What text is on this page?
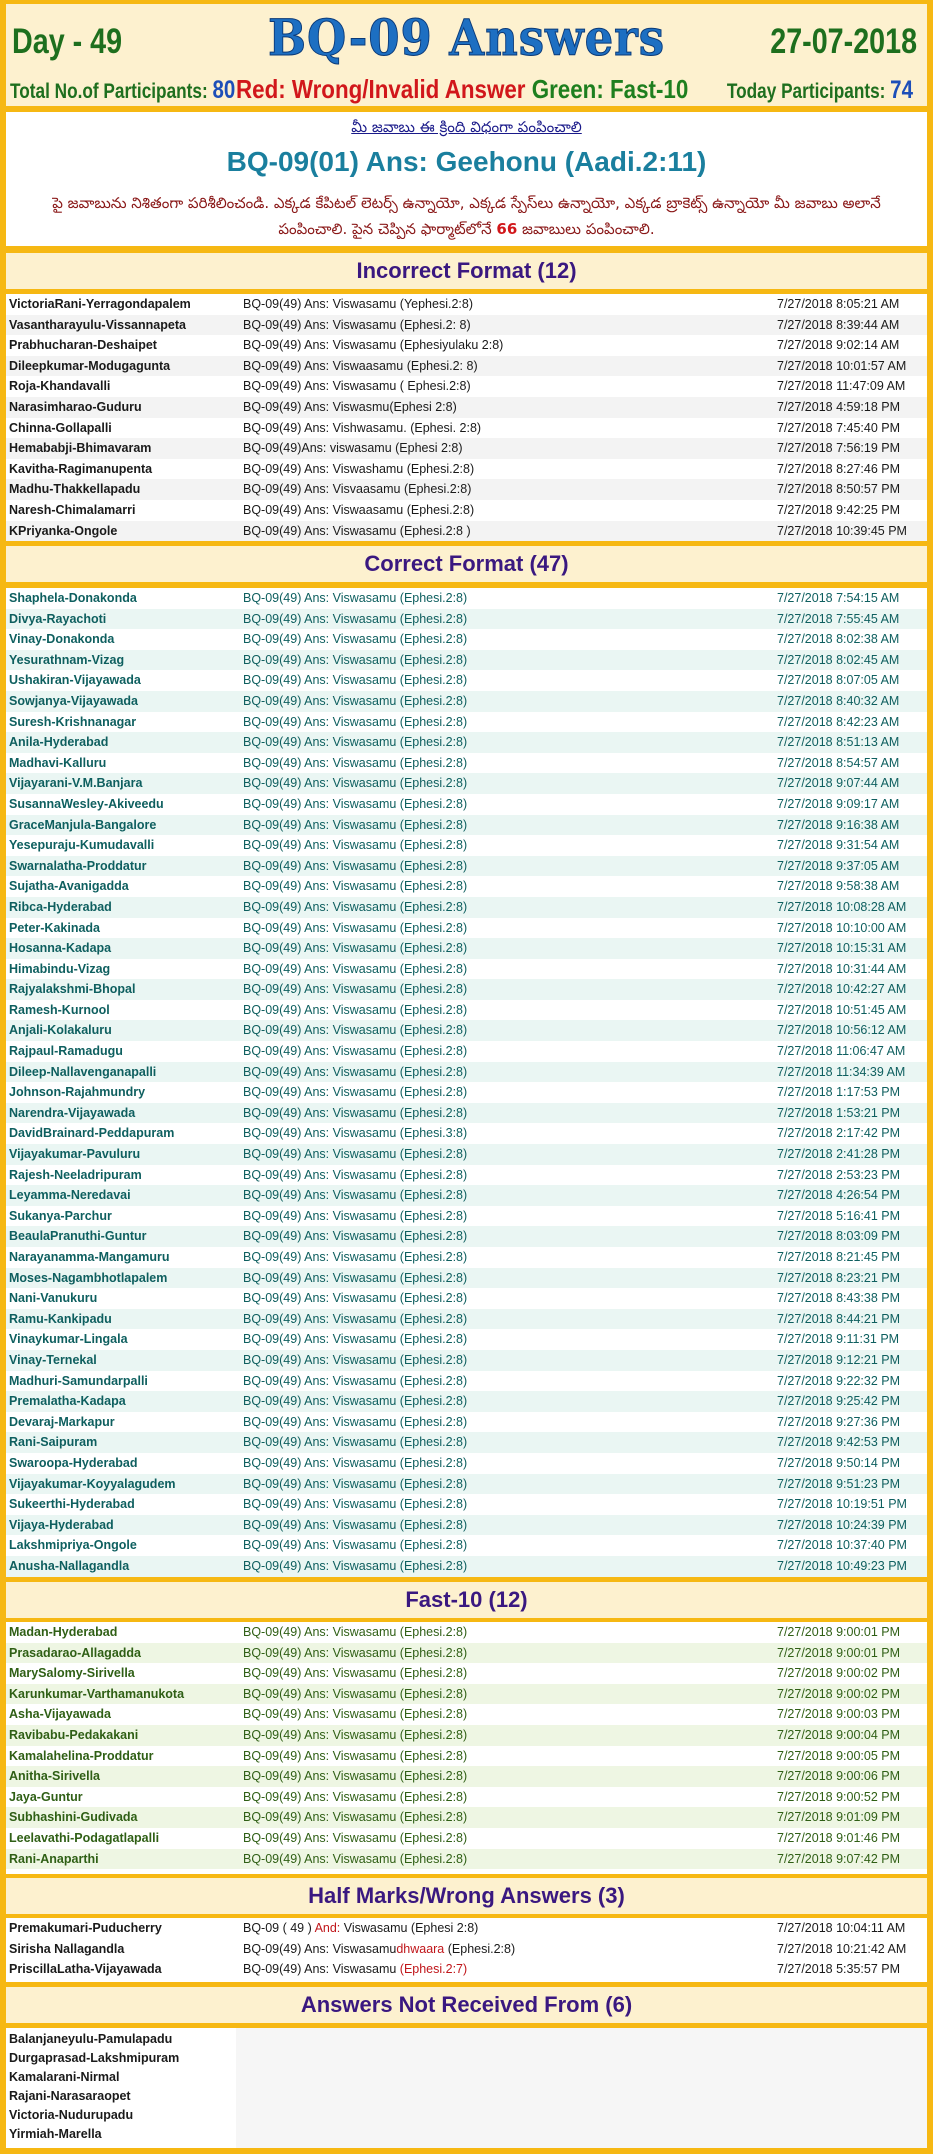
Day - 49	BQ-09 Answers	27-07-2018
Total No.of Participants: 80 Red: Wrong/Invalid Answer Green: Fast-10 Today Participants: 74
మీ జవాబు ఈ క్రింది విధంగా పంపించాలి
BQ-09(01) Ans: Geehonu (Aadi.2:11)
పై జవాబును నిశితంగా పరిశీలించండి. ఎక్కడ కేపిటల్ లెటర్స్ ఉన్నాయో, ఎక్కడ స్పేస్‌లు ఉన్నాయో, ఎక్కడ బ్రాకెట్స్ ఉన్నాయో మీ జవాబు అలానే పంపించాలి. పైన చెప్పిన ఫార్మాట్‌లోనే 66 జవాబులు పంపించాలి.
Incorrect Format (12)
VictoriaRani-Yerragondapalem	BQ-09(49) Ans: Viswasamu (Yephesi.2:8)	7/27/2018 8:05:21 AM
Vasantharayulu-Vissannapeta	BQ-09(49) Ans: Viswasamu (Ephesi.2: 8)	7/27/2018 8:39:44 AM
Prabhucharan-Deshaipet	BQ-09(49) Ans: Viswasamu (Ephesiyulaku 2:8)	7/27/2018 9:02:14 AM
Dileepkumar-Modugagunta	BQ-09(49) Ans: Viswaasamu (Ephesi.2: 8)	7/27/2018 10:01:57 AM
Roja-Khandavalli	BQ-09(49) Ans: Viswasamu ( Ephesi.2:8)	7/27/2018 11:47:09 AM
Narasimharao-Guduru	BQ-09(49) Ans: Viswasmu(Ephesi 2:8)	7/27/2018 4:59:18 PM
Chinna-Gollapalli	BQ-09(49) Ans: Vishwasamu. (Ephesi. 2:8)	7/27/2018 7:45:40 PM
Hemababji-Bhimavaram	BQ-09(49)Ans: viswasamu (Ephesi 2:8)	7/27/2018 7:56:19 PM
Kavitha-Ragimanupenta	BQ-09(49) Ans: Viswashamu (Ephesi.2:8)	7/27/2018 8:27:46 PM
Madhu-Thakkellapadu	BQ-09(49) Ans: Visvaasamu (Ephesi.2:8)	7/27/2018 8:50:57 PM
Naresh-Chimalamarri	BQ-09(49) Ans: Viswaasamu (Ephesi.2:8)	7/27/2018 9:42:25 PM
KPriyanka-Ongole	BQ-09(49) Ans: Viswasamu (Ephesi.2:8 )	7/27/2018 10:39:45 PM
Correct Format (47)
Shaphela-Donakonda	BQ-09(49) Ans: Viswasamu (Ephesi.2:8)	7/27/2018 7:54:15 AM
Divya-Rayachoti	BQ-09(49) Ans: Viswasamu (Ephesi.2:8)	7/27/2018 7:55:45 AM
Vinay-Donakonda	BQ-09(49) Ans: Viswasamu (Ephesi.2:8)	7/27/2018 8:02:38 AM
Yesurathnam-Vizag	BQ-09(49) Ans: Viswasamu (Ephesi.2:8)	7/27/2018 8:02:45 AM
Ushakiran-Vijayawada	BQ-09(49) Ans: Viswasamu (Ephesi.2:8)	7/27/2018 8:07:05 AM
Sowjanya-Vijayawada	BQ-09(49) Ans: Viswasamu (Ephesi.2:8)	7/27/2018 8:40:32 AM
Suresh-Krishnanagar	BQ-09(49) Ans: Viswasamu (Ephesi.2:8)	7/27/2018 8:42:23 AM
Anila-Hyderabad	BQ-09(49) Ans: Viswasamu (Ephesi.2:8)	7/27/2018 8:51:13 AM
Madhavi-Kalluru	BQ-09(49) Ans: Viswasamu (Ephesi.2:8)	7/27/2018 8:54:57 AM
Vijayarani-V.M.Banjara	BQ-09(49) Ans: Viswasamu (Ephesi.2:8)	7/27/2018 9:07:44 AM
SusannaWesley-Akiveedu	BQ-09(49) Ans: Viswasamu (Ephesi.2:8)	7/27/2018 9:09:17 AM
GraceManjula-Bangalore	BQ-09(49) Ans: Viswasamu (Ephesi.2:8)	7/27/2018 9:16:38 AM
Yesepuraju-Kumudavalli	BQ-09(49) Ans: Viswasamu (Ephesi.2:8)	7/27/2018 9:31:54 AM
Swarnalatha-Proddatur	BQ-09(49) Ans: Viswasamu (Ephesi.2:8)	7/27/2018 9:37:05 AM
Sujatha-Avanigadda	BQ-09(49) Ans: Viswasamu (Ephesi.2:8)	7/27/2018 9:58:38 AM
Ribca-Hyderabad	BQ-09(49) Ans: Viswasamu (Ephesi.2:8)	7/27/2018 10:08:28 AM
Peter-Kakinada	BQ-09(49) Ans: Viswasamu (Ephesi.2:8)	7/27/2018 10:10:00 AM
Hosanna-Kadapa	BQ-09(49) Ans: Viswasamu (Ephesi.2:8)	7/27/2018 10:15:31 AM
Himabindu-Vizag	BQ-09(49) Ans: Viswasamu (Ephesi.2:8)	7/27/2018 10:31:44 AM
Rajyalakshmi-Bhopal	BQ-09(49) Ans: Viswasamu (Ephesi.2:8)	7/27/2018 10:42:27 AM
Ramesh-Kurnool	BQ-09(49) Ans: Viswasamu (Ephesi.2:8)	7/27/2018 10:51:45 AM
Anjali-Kolakaluru	BQ-09(49) Ans: Viswasamu (Ephesi.2:8)	7/27/2018 10:56:12 AM
Rajpaul-Ramadugu	BQ-09(49) Ans: Viswasamu (Ephesi.2:8)	7/27/2018 11:06:47 AM
Dileep-Nallavenganapalli	BQ-09(49) Ans: Viswasamu (Ephesi.2:8)	7/27/2018 11:34:39 AM
Johnson-Rajahmundry	BQ-09(49) Ans: Viswasamu (Ephesi.2:8)	7/27/2018 1:17:53 PM
Narendra-Vijayawada	BQ-09(49) Ans: Viswasamu (Ephesi.2:8)	7/27/2018 1:53:21 PM
DavidBrainard-Peddapuram	BQ-09(49) Ans: Viswasamu (Ephesi.3:8)	7/27/2018 2:17:42 PM
Vijayakumar-Pavuluru	BQ-09(49) Ans: Viswasamu (Ephesi.2:8)	7/27/2018 2:41:28 PM
Rajesh-Neeladripuram	BQ-09(49) Ans: Viswasamu (Ephesi.2:8)	7/27/2018 2:53:23 PM
Leyamma-Neredavai	BQ-09(49) Ans: Viswasamu (Ephesi.2:8)	7/27/2018 4:26:54 PM
Sukanya-Parchur	BQ-09(49) Ans: Viswasamu (Ephesi.2:8)	7/27/2018 5:16:41 PM
BeaulaPranuthi-Guntur	BQ-09(49) Ans: Viswasamu (Ephesi.2:8)	7/27/2018 8:03:09 PM
Narayanamma-Mangamuru	BQ-09(49) Ans: Viswasamu (Ephesi.2:8)	7/27/2018 8:21:45 PM
Moses-Nagambhotlapalem	BQ-09(49) Ans: Viswasamu (Ephesi.2:8)	7/27/2018 8:23:21 PM
Nani-Vanukuru	BQ-09(49) Ans: Viswasamu (Ephesi.2:8)	7/27/2018 8:43:38 PM
Ramu-Kankipadu	BQ-09(49) Ans: Viswasamu (Ephesi.2:8)	7/27/2018 8:44:21 PM
Vinaykumar-Lingala	BQ-09(49) Ans: Viswasamu (Ephesi.2:8)	7/27/2018 9:11:31 PM
Vinay-Ternekal	BQ-09(49) Ans: Viswasamu (Ephesi.2:8)	7/27/2018 9:12:21 PM
Madhuri-Samundarpalli	BQ-09(49) Ans: Viswasamu (Ephesi.2:8)	7/27/2018 9:22:32 PM
Premalatha-Kadapa	BQ-09(49) Ans: Viswasamu (Ephesi.2:8)	7/27/2018 9:25:42 PM
Devaraj-Markapur	BQ-09(49) Ans: Viswasamu (Ephesi.2:8)	7/27/2018 9:27:36 PM
Rani-Saipuram	BQ-09(49) Ans: Viswasamu (Ephesi.2:8)	7/27/2018 9:42:53 PM
Swaroopa-Hyderabad	BQ-09(49) Ans: Viswasamu (Ephesi.2:8)	7/27/2018 9:50:14 PM
Vijayakumar-Koyyalagudem	BQ-09(49) Ans: Viswasamu (Ephesi.2:8)	7/27/2018 9:51:23 PM
Sukeerthi-Hyderabad	BQ-09(49) Ans: Viswasamu (Ephesi.2:8)	7/27/2018 10:19:51 PM
Vijaya-Hyderabad	BQ-09(49) Ans: Viswasamu (Ephesi.2:8)	7/27/2018 10:24:39 PM
Lakshmipriya-Ongole	BQ-09(49) Ans: Viswasamu (Ephesi.2:8)	7/27/2018 10:37:40 PM
Anusha-Nallagandla	BQ-09(49) Ans: Viswasamu (Ephesi.2:8)	7/27/2018 10:49:23 PM
Fast-10 (12)
Madan-Hyderabad	BQ-09(49) Ans: Viswasamu (Ephesi.2:8)	7/27/2018 9:00:01 PM
Prasadarao-Allagadda	BQ-09(49) Ans: Viswasamu (Ephesi.2:8)	7/27/2018 9:00:01 PM
MarySalomy-Sirivella	BQ-09(49) Ans: Viswasamu (Ephesi.2:8)	7/27/2018 9:00:02 PM
Karunkumar-Varthamanukota	BQ-09(49) Ans: Viswasamu (Ephesi.2:8)	7/27/2018 9:00:02 PM
Asha-Vijayawada	BQ-09(49) Ans: Viswasamu (Ephesi.2:8)	7/27/2018 9:00:03 PM
Ravibabu-Pedakakani	BQ-09(49) Ans: Viswasamu (Ephesi.2:8)	7/27/2018 9:00:04 PM
Kamalahelina-Proddatur	BQ-09(49) Ans: Viswasamu (Ephesi.2:8)	7/27/2018 9:00:05 PM
Anitha-Sirivella	BQ-09(49) Ans: Viswasamu (Ephesi.2:8)	7/27/2018 9:00:06 PM
Jaya-Guntur	BQ-09(49) Ans: Viswasamu (Ephesi.2:8)	7/27/2018 9:00:52 PM
Subhashini-Gudivada	BQ-09(49) Ans: Viswasamu (Ephesi.2:8)	7/27/2018 9:01:09 PM
Leelavathi-Podagatlapalli	BQ-09(49) Ans: Viswasamu (Ephesi.2:8)	7/27/2018 9:01:46 PM
Rani-Anaparthi	BQ-09(49) Ans: Viswasamu (Ephesi.2:8)	7/27/2018 9:07:42 PM
Half Marks/Wrong Answers (3)
Premakumari-Puducherry	BQ-09 ( 49 ) And: Viswasamu (Ephesi 2:8)	7/27/2018 10:04:11 AM
Sirisha Nallagandla	BQ-09(49) Ans: Viswasamudhwaara (Ephesi.2:8)	7/27/2018 10:21:42 AM
PriscillaLatha-Vijayawada	BQ-09(49) Ans: Viswasamu (Ephesi.2:7)	7/27/2018 5:35:57 PM
Answers Not Received From (6)
Balanjaneyulu-Pamulapadu
Durgaprasad-Lakshmipuram
Kamalarani-Nirmal
Rajani-Narasaraopet
Victoria-Nudurupadu
Yirmiah-Marella
